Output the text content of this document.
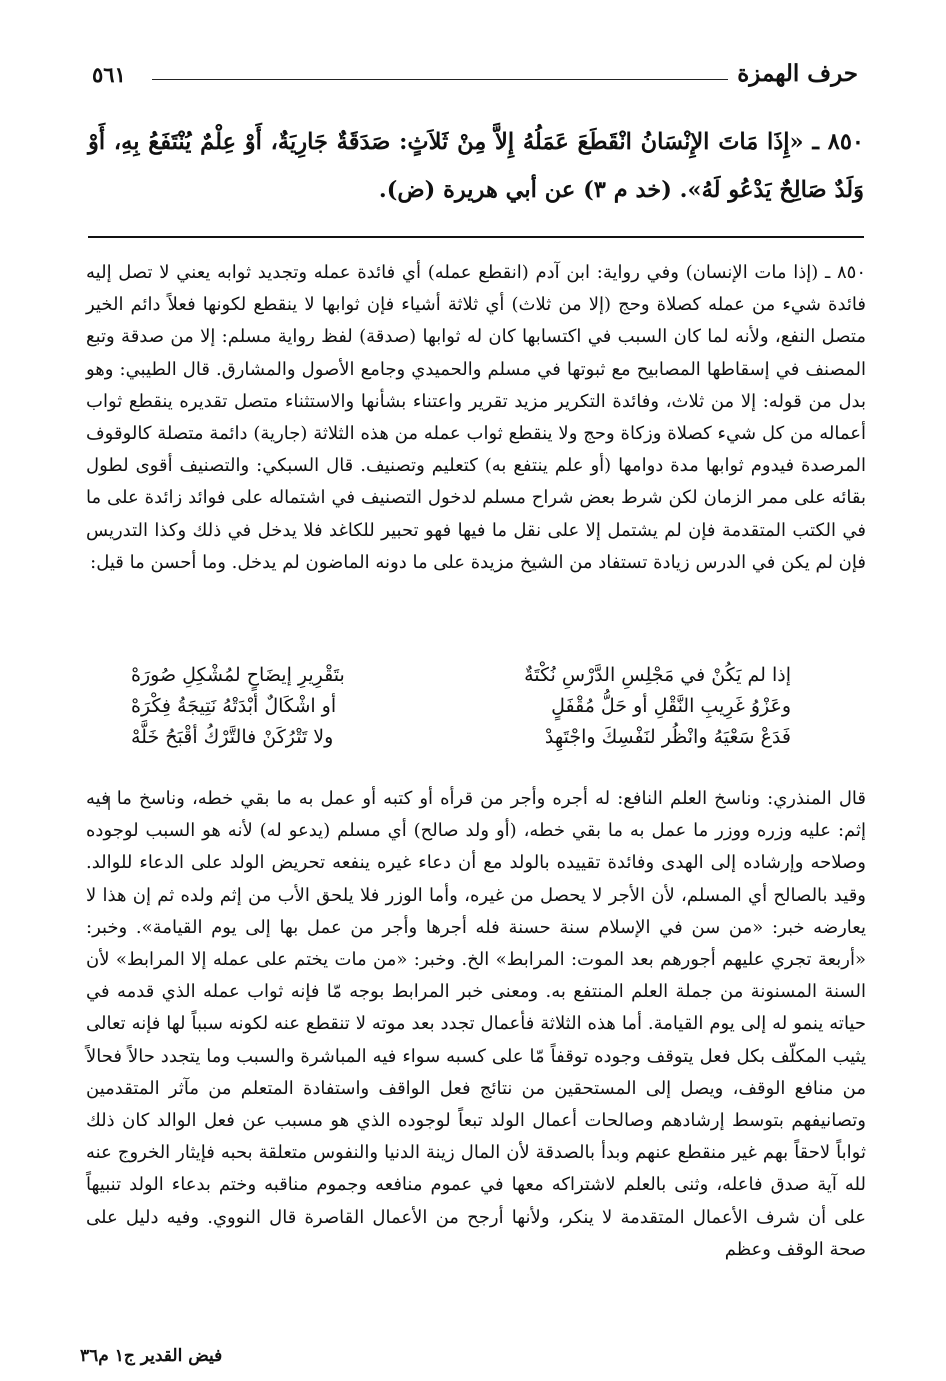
حرف الهمزة
٥٦١
٨٥٠ ـ «إِذَا مَاتَ الإِنْسَانُ انْقَطَعَ عَمَلُهُ إِلاَّ مِنْ ثَلاَثٍ: صَدَقَةٌ جَارِيَةٌ، أَوْ عِلْمٌ يُنْتَفَعُ بِهِ، أَوْ وَلَدٌ صَالِحٌ يَدْعُو لَهُ». (خد م ٣) عن أبي هريرة (ض).

٨٥٠ ـ (إذا مات الإنسان) وفي رواية: ابن آدم (انقطع عمله) أي فائدة عمله وتجديد ثوابه يعني لا تصل إليه فائدة شيء من عمله كصلاة وحج (إلا من ثلاث) أي ثلاثة أشياء فإن ثوابها لا ينقطع لكونها فعلاً دائم الخير متصل النفع، ولأنه لما كان السبب في اكتسابها كان له ثوابها (صدقة) لفظ رواية مسلم: إلا من صدقة وتبع المصنف في إسقاطها المصابيح مع ثبوتها في مسلم والحميدي وجامع الأصول والمشارق. قال الطيبي: وهو بدل من قوله: إلا من ثلاث، وفائدة التكرير مزيد تقرير واعتناء بشأنها والاستثناء متصل تقديره ينقطع ثواب أعماله من كل شيء كصلاة وزكاة وحج ولا ينقطع ثواب عمله من هذه الثلاثة (جارية) دائمة متصلة كالوقوف المرصدة فيدوم ثوابها مدة دوامها (أو علم ينتفع به) كتعليم وتصنيف. قال السبكي: والتصنيف أقوى لطول بقائه على ممر الزمان لكن شرط بعض شراح مسلم لدخول التصنيف في اشتماله على فوائد زائدة على ما في الكتب المتقدمة فإن لم يشتمل إلا على نقل ما فيها فهو تحبير للكاغد فلا يدخل في ذلك وكذا التدريس فإن لم يكن في الدرس زيادة تستفاد من الشيخ مزيدة على ما دونه الماضون لم يدخل. وما أحسن ما قيل:

إذا لم يَكُنْ في مَجْلِسِ الدَّرْسِ نُكْتَةٌ
بتَقْرِيرِ إيضَاحٍ لمُشْكِلِ صُورَهْ
وعَزْوُ غَرِيبِ النَّقْلِ أو حَلُّ مُقْفَلٍ
أو اشْكَالٌ أبْدَتْهُ نَتِيجَةُ فِكْرَهْ
فَدَعْ سَعْيَهُ وانْظُر لنَفْسِكَ واجْتَهِدْ
ولا تَتْرُكَنْ فالتَّرْكُ أقْبَحُ خَلَّهْ

قال المنذري: وناسخ العلم النافع: له أجره وأجر من قرأه أو كتبه أو عمل به ما بقي خطه، وناسخ ما فيه إثم: عليه وزره ووزر ما عمل به ما بقي خطه، (أو ولد صالح) أي مسلم (يدعو له) لأنه هو السبب لوجوده وصلاحه وإرشاده إلى الهدى وفائدة تقييده بالولد مع أن دعاء غيره ينفعه تحريض الولد على الدعاء للوالد. وقيد بالصالح أي المسلم، لأن الأجر لا يحصل من غيره، وأما الوزر فلا يلحق الأب من إثم ولده ثم إن هذا لا يعارضه خبر: «من سن في الإسلام سنة حسنة فله أجرها وأجر من عمل بها إلى يوم القيامة». وخبر: «أربعة تجري عليهم أجورهم بعد الموت: المرابط» الخ. وخبر: «من مات يختم على عمله إلا المرابط» لأن السنة المسنونة من جملة العلم المنتفع به. ومعنى خبر المرابط بوجه مّا فإنه ثواب عمله الذي قدمه في حياته ينمو له إلى يوم القيامة. أما هذه الثلاثة فأعمال تجدد بعد موته لا تنقطع عنه لكونه سبباً لها فإنه تعالى يثيب المكلّف بكل فعل يتوقف وجوده توقفاً مّا على كسبه سواء فيه المباشرة والسبب وما يتجدد حالاً فحالاً من منافع الوقف، ويصل إلى المستحقين من نتائج فعل الواقف واستفادة المتعلم من مآثر المتقدمين وتصانيفهم بتوسط إرشادهم وصالحات أعمال الولد تبعاً لوجوده الذي هو مسبب عن فعل الوالد كان ذلك ثواباً لاحقاً بهم غير منقطع عنهم وبدأ بالصدقة لأن المال زينة الدنيا والنفوس متعلقة بحبه فإيثار الخروج عنه لله آية صدق فاعله، وثنى بالعلم لاشتراكه معها في عموم منافعه وجموم مناقبه وختم بدعاء الولد تنبيهاً على أن شرف الأعمال المتقدمة لا ينكر، ولأنها أرجح من الأعمال القاصرة قال النووي. وفيه دليل على صحة الوقف وعظم

فيض القدير ج١ م٣٦
